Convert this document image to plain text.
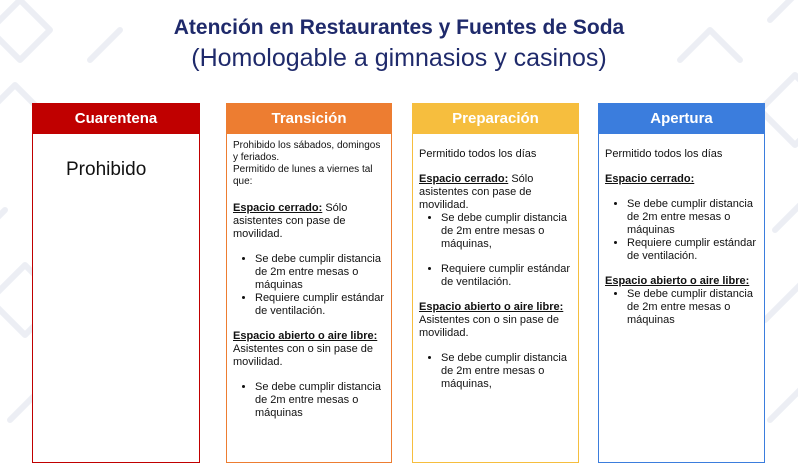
Atención en Restaurantes y Fuentes de Soda
(Homologable a gimnasios y casinos)
Cuarentena
Prohibido
Transición
Prohibido los sábados, domingos y feriados.
Permitido de lunes a viernes tal que:
Espacio cerrado: Sólo asistentes con pase de movilidad.
• Se debe cumplir distancia de 2m entre mesas o máquinas
• Requiere cumplir estándar de ventilación.
Espacio abierto o aire libre:
Asistentes con o sin pase de movilidad.
• Se debe cumplir distancia de 2m entre mesas o máquinas
Preparación
Permitido todos los días
Espacio cerrado: Sólo asistentes con pase de movilidad.
• Se debe cumplir distancia de 2m entre mesas o máquinas,
• Requiere cumplir estándar de ventilación.
Espacio abierto o aire libre:
Asistentes con o sin pase de movilidad.
• Se debe cumplir distancia de 2m entre mesas o máquinas,
Apertura
Permitido todos los días
Espacio cerrado:
• Se debe cumplir distancia de 2m entre mesas o máquinas
• Requiere cumplir estándar de ventilación.
Espacio abierto o aire libre:
• Se debe cumplir distancia de 2m entre mesas o máquinas
